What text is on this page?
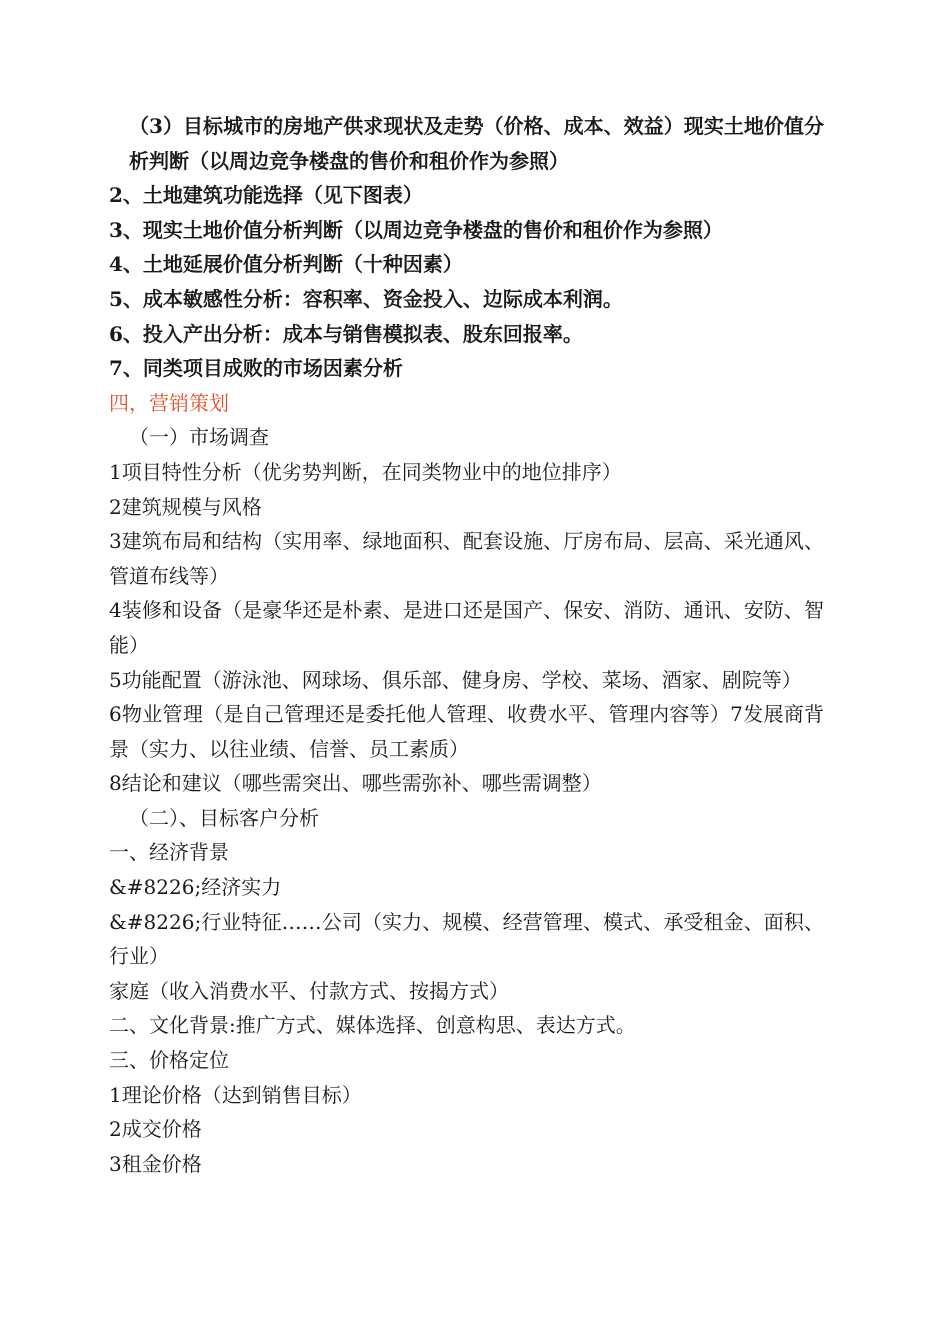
（3）目标城市的房地产供求现状及走势（价格、成本、效益）现实土地价值分析判断（以周边竞争楼盘的售价和租价作为参照）
2、土地建筑功能选择（见下图表）
3、现实土地价值分析判断（以周边竞争楼盘的售价和租价作为参照）
4、土地延展价值分析判断（十种因素）
5、成本敏感性分析：容积率、资金投入、边际成本利润。
6、投入产出分析：成本与销售模拟表、股东回报率。
7、同类项目成败的市场因素分析
四，营销策划
（一）市场调查
1项目特性分析（优劣势判断，在同类物业中的地位排序）
2建筑规模与风格
3建筑布局和结构（实用率、绿地面积、配套设施、厅房布局、层高、采光通风、管道布线等）
4装修和设备（是豪华还是朴素、是进口还是国产、保安、消防、通讯、安防、智能）
5功能配置（游泳池、网球场、俱乐部、健身房、学校、菜场、酒家、剧院等）
6物业管理（是自己管理还是委托他人管理、收费水平、管理内容等）7发展商背景（实力、以往业绩、信誉、员工素质）
8结论和建议（哪些需突出、哪些需弥补、哪些需调整）
（二）、目标客户分析
一、经济背景
&#8226;经济实力
&#8226;行业特征……公司（实力、规模、经营管理、模式、承受租金、面积、行业）
家庭（收入消费水平、付款方式、按揭方式）
二、文化背景:推广方式、媒体选择、创意构思、表达方式。
三、价格定位
1理论价格（达到销售目标）
2成交价格
3租金价格
